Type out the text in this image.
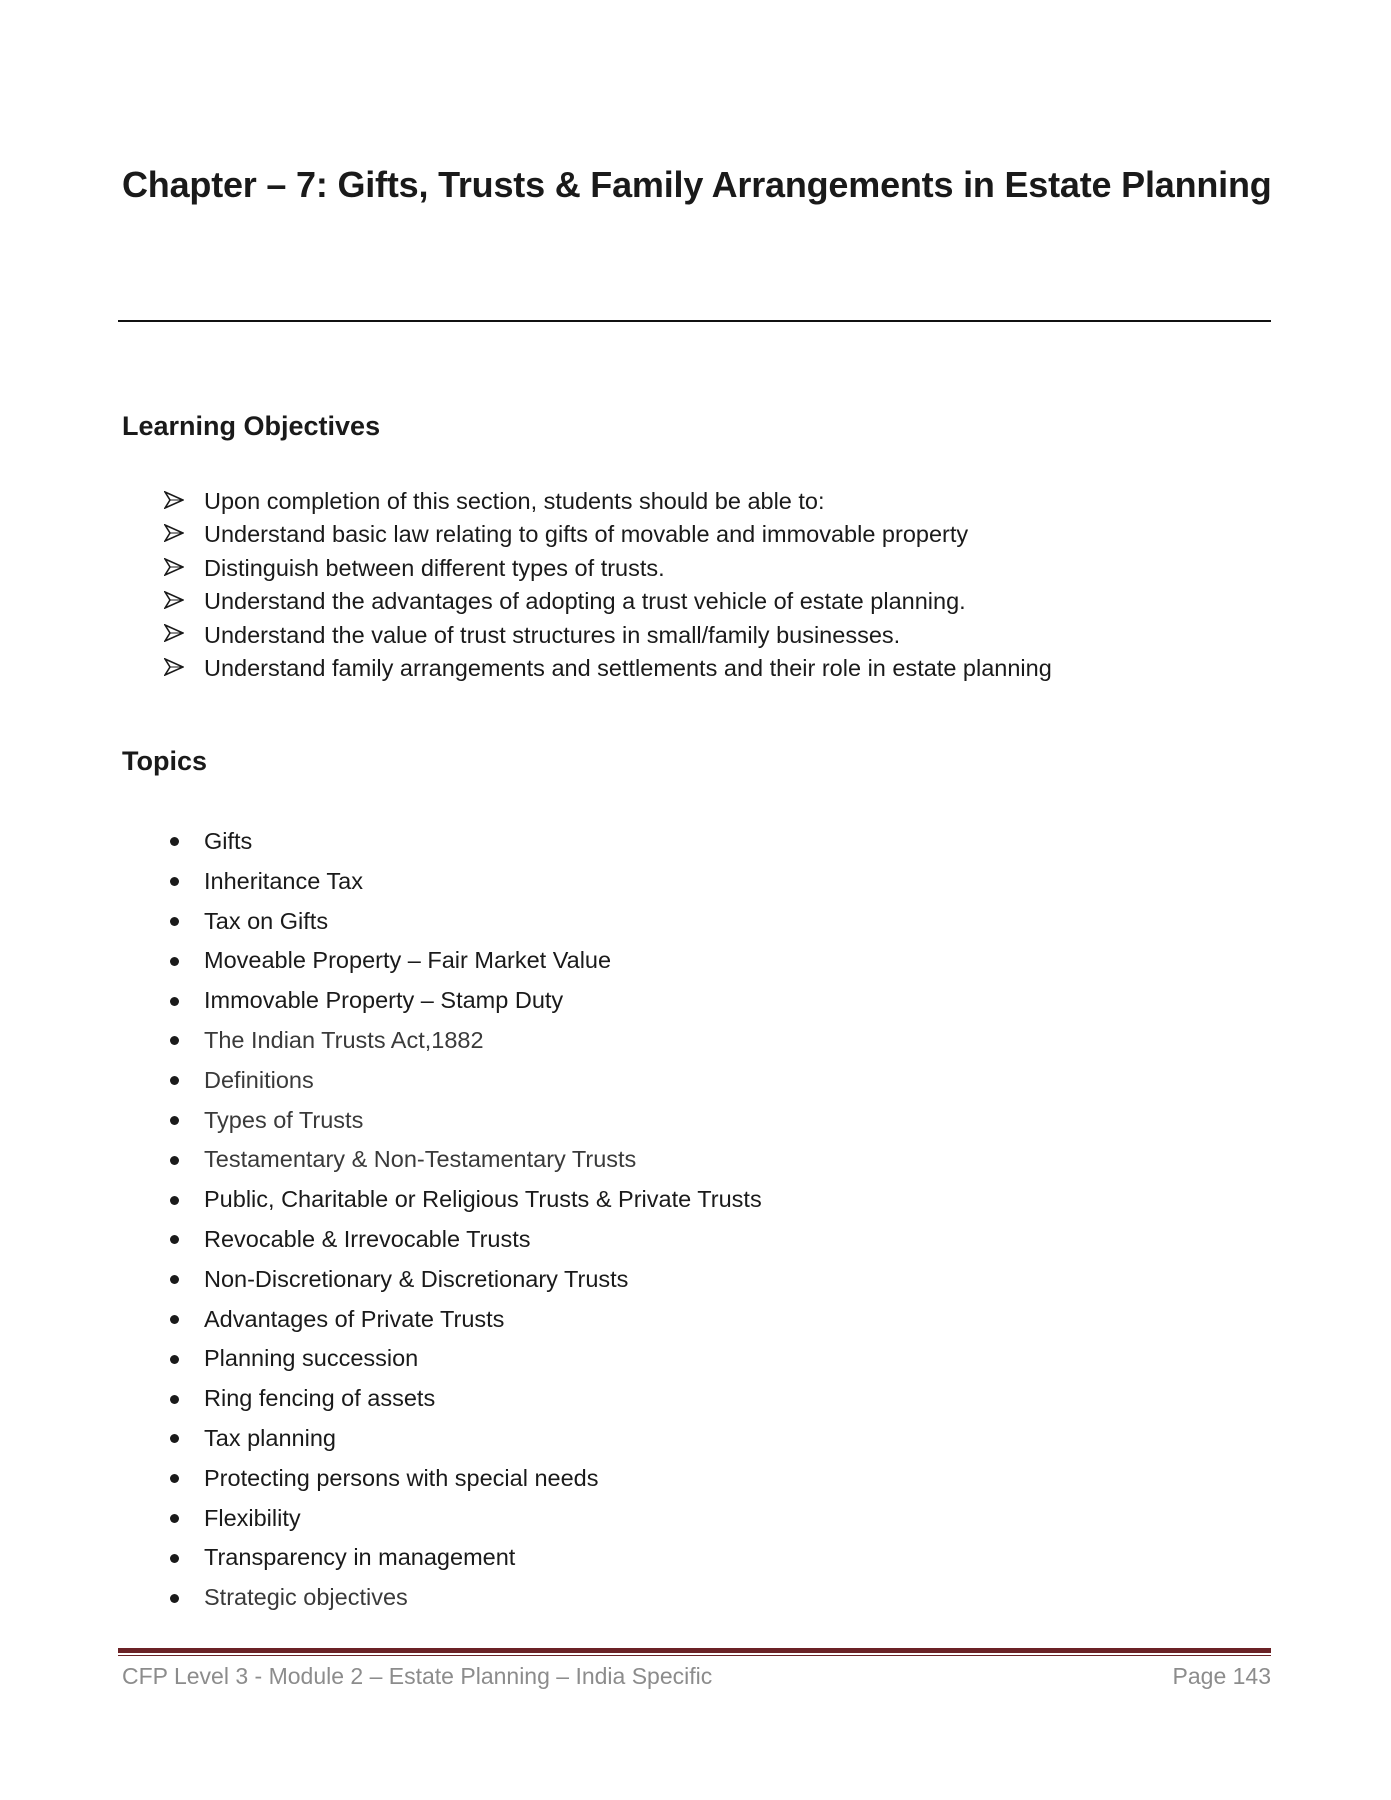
Chapter – 7: Gifts, Trusts & Family Arrangements in Estate Planning
Learning Objectives
Upon completion of this section, students should be able to:
Understand basic law relating to gifts of movable and immovable property
Distinguish between different types of trusts.
Understand the advantages of adopting a trust vehicle of estate planning.
Understand the value of trust structures in small/family businesses.
Understand family arrangements and settlements and their role in estate planning
Topics
Gifts
Inheritance Tax
Tax on Gifts
Moveable Property – Fair Market Value
Immovable Property – Stamp Duty
The Indian Trusts Act,1882
Definitions
Types of Trusts
Testamentary & Non-Testamentary Trusts
Public, Charitable or Religious Trusts & Private Trusts
Revocable & Irrevocable Trusts
Non-Discretionary & Discretionary Trusts
Advantages of Private Trusts
Planning succession
Ring fencing of assets
Tax planning
Protecting persons with special needs
Flexibility
Transparency in management
Strategic objectives
CFP Level 3 - Module 2 – Estate Planning – India Specific	Page 143
